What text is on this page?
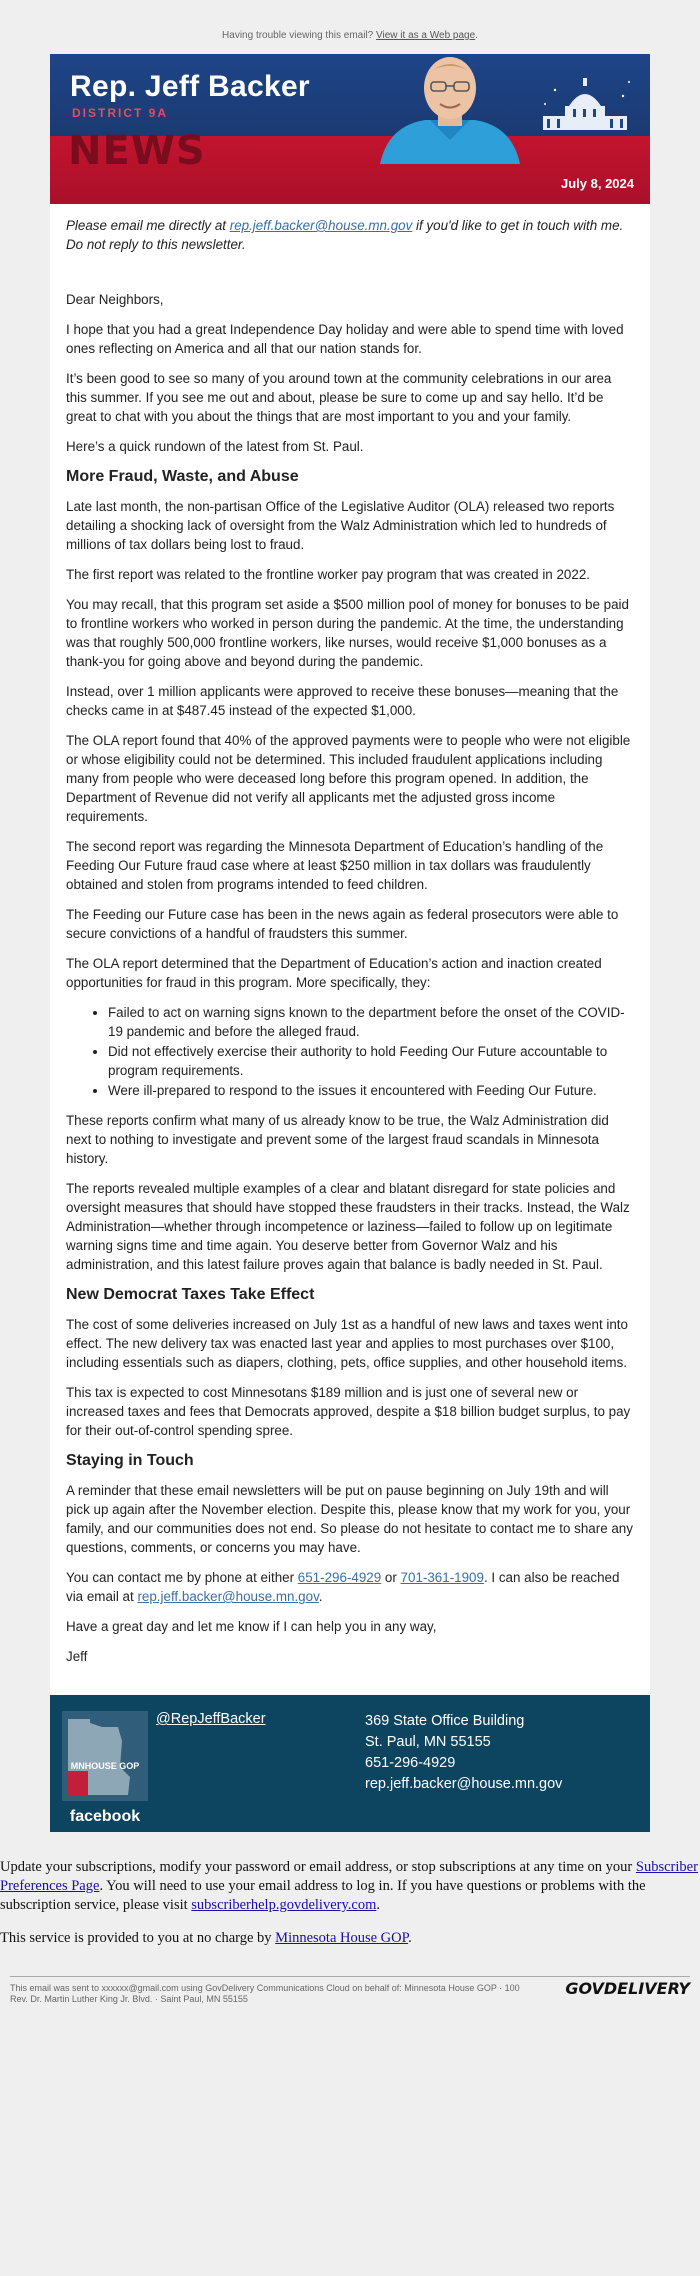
Having trouble viewing this email? View it as a Web page.
Rep. Jeff Backer
DISTRICT 9A
NEWS
July 8, 2024

Please email me directly at rep.jeff.backer@house.mn.gov if you'd like to get in touch with me. Do not reply to this newsletter.

Dear Neighbors,

I hope that you had a great Independence Day holiday and were able to spend time with loved ones reflecting on America and all that our nation stands for.

It’s been good to see so many of you around town at the community celebrations in our area this summer. If you see me out and about, please be sure to come up and say hello. It’d be great to chat with you about the things that are most important to you and your family.

Here’s a quick rundown of the latest from St. Paul.

More Fraud, Waste, and Abuse

Late last month, the non-partisan Office of the Legislative Auditor (OLA) released two reports detailing a shocking lack of oversight from the Walz Administration which led to hundreds of millions of tax dollars being lost to fraud.

The first report was related to the frontline worker pay program that was created in 2022.

You may recall, that this program set aside a $500 million pool of money for bonuses to be paid to frontline workers who worked in person during the pandemic. At the time, the understanding was that roughly 500,000 frontline workers, like nurses, would receive $1,000 bonuses as a thank-you for going above and beyond during the pandemic.

Instead, over 1 million applicants were approved to receive these bonuses—meaning that the checks came in at $487.45 instead of the expected $1,000.

The OLA report found that 40% of the approved payments were to people who were not eligible or whose eligibility could not be determined. This included fraudulent applications including many from people who were deceased long before this program opened. In addition, the Department of Revenue did not verify all applicants met the adjusted gross income requirements.

The second report was regarding the Minnesota Department of Education’s handling of the Feeding Our Future fraud case where at least $250 million in tax dollars was fraudulently obtained and stolen from programs intended to feed children.

The Feeding our Future case has been in the news again as federal prosecutors were able to secure convictions of a handful of fraudsters this summer.

The OLA report determined that the Department of Education’s action and inaction created opportunities for fraud in this program. More specifically, they:

• Failed to act on warning signs known to the department before the onset of the COVID-19 pandemic and before the alleged fraud.
• Did not effectively exercise their authority to hold Feeding Our Future accountable to program requirements.
• Were ill-prepared to respond to the issues it encountered with Feeding Our Future.

These reports confirm what many of us already know to be true, the Walz Administration did next to nothing to investigate and prevent some of the largest fraud scandals in Minnesota history.

The reports revealed multiple examples of a clear and blatant disregard for state policies and oversight measures that should have stopped these fraudsters in their tracks. Instead, the Walz Administration—whether through incompetence or laziness—failed to follow up on legitimate warning signs time and time again. You deserve better from Governor Walz and his administration, and this latest failure proves again that balance is badly needed in St. Paul.

New Democrat Taxes Take Effect

The cost of some deliveries increased on July 1st as a handful of new laws and taxes went into effect. The new delivery tax was enacted last year and applies to most purchases over $100, including essentials such as diapers, clothing, pets, office supplies, and other household items.

This tax is expected to cost Minnesotans $189 million and is just one of several new or increased taxes and fees that Democrats approved, despite a $18 billion budget surplus, to pay for their out-of-control spending spree.

Staying in Touch

A reminder that these email newsletters will be put on pause beginning on July 19th and will pick up again after the November election. Despite this, please know that my work for you, your family, and our communities does not end. So please do not hesitate to contact me to share any questions, comments, or concerns you may have.

You can contact me by phone at either 651-296-4929 or 701-361-1909. I can also be reached via email at rep.jeff.backer@house.mn.gov.

Have a great day and let me know if I can help you in any way,

Jeff

MNHOUSE GOP
facebook
@RepJeffBacker	369 State Office Building
St. Paul, MN 55155
651-296-4929
rep.jeff.backer@house.mn.gov

Update your subscriptions, modify your password or email address, or stop subscriptions at any time on your Subscriber Preferences Page. You will need to use your email address to log in. If you have questions or problems with the subscription service, please visit subscriberhelp.govdelivery.com.

This service is provided to you at no charge by Minnesota House GOP.

This email was sent to xxxxxx@gmail.com using GovDelivery Communications Cloud on behalf of: Minnesota House GOP · 100
Rev. Dr. Martin Luther King Jr. Blvd. · Saint Paul, MN 55155
GOVDELIVERY
